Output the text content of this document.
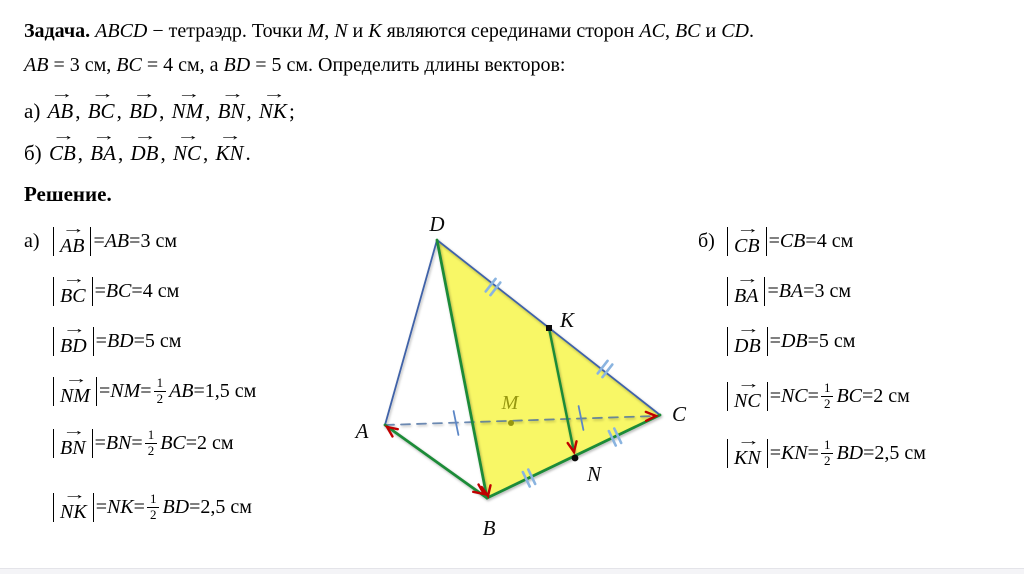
Задача. ABCD − тетраэдр. Точки M, N и K являются серединами сторон AC, BC и CD.
AB = 3 см, BC = 4 см, а BD = 5 см. Определить длины векторов:
а) AB →, BC →, BD →, NM →, BN →, NK →;
б) CB →, BA →, DB →, NC →, KN →.
Решение.
а)	AB → = AB = 3 см
BC → = BC = 4 см
BD → = BD = 5 см
NM → = NM = $\frac{1}{2}$ AB = 1,5 см
BN → = BN = $\frac{1}{2}$ BC = 2 см
NK → = NK = $\frac{1}{2}$ BD = 2,5 см
б) CB → = CB = 4 см
BA → = BA = 3 см
DB → = DB = 5 см
NC → = NC = $\frac{1}{2}$ BC = 2 см
KN → = KN = $\frac{1}{2}$ BD = 2,5 см
D
A
B
C
K
N
M
